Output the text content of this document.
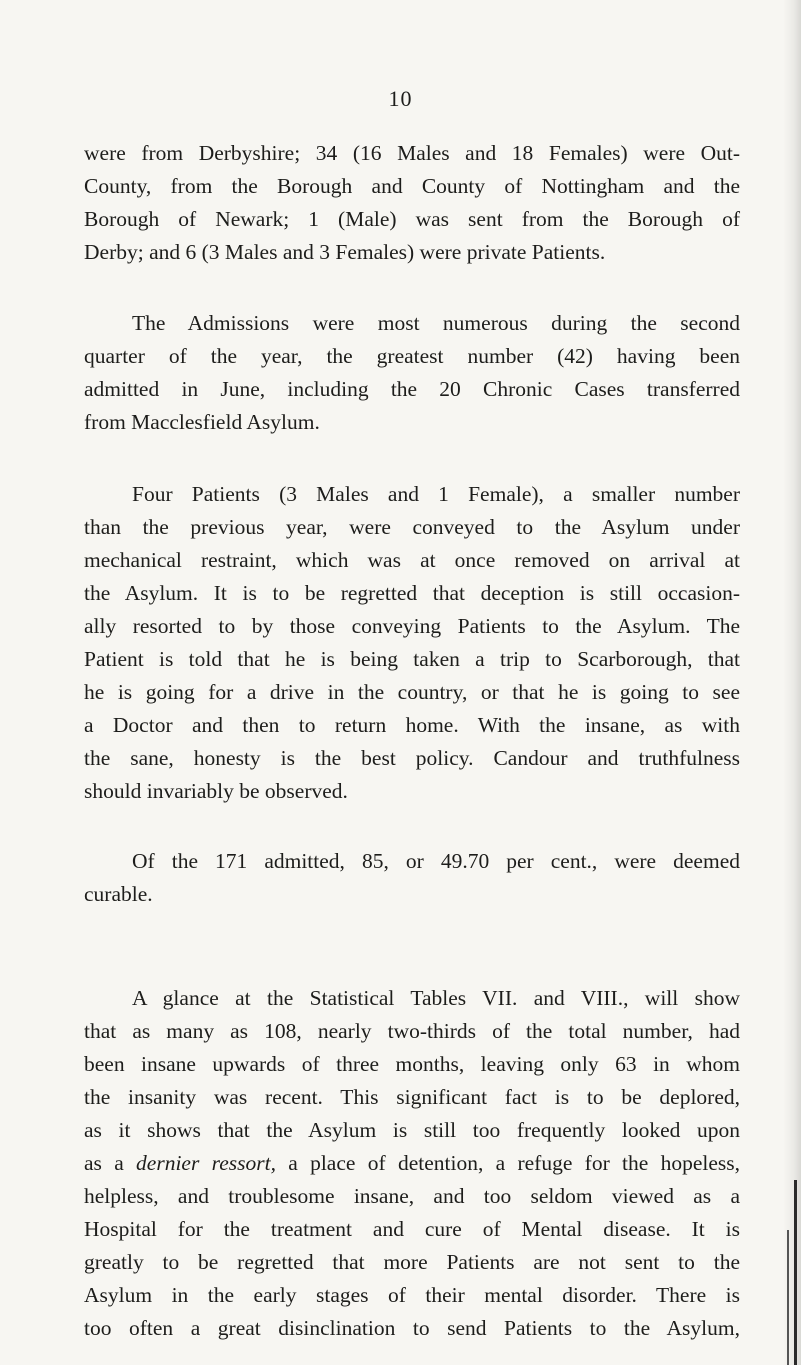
10
were from Derbyshire; 34 (16 Males and 18 Females) were Out-
County, from the Borough and County of Nottingham and the
Borough of Newark; 1 (Male) was sent from the Borough of
Derby; and 6 (3 Males and 3 Females) were private Patients.
The Admissions were most numerous during the second
quarter of the year, the greatest number (42) having been
admitted in June, including the 20 Chronic Cases transferred
from Macclesfield Asylum.
Four Patients (3 Males and 1 Female), a smaller number
than the previous year, were conveyed to the Asylum under
mechanical restraint, which was at once removed on arrival at
the Asylum. It is to be regretted that deception is still occasion-
ally resorted to by those conveying Patients to the Asylum. The
Patient is told that he is being taken a trip to Scarborough, that
he is going for a drive in the country, or that he is going to see
a Doctor and then to return home. With the insane, as with
the sane, honesty is the best policy. Candour and truthfulness
should invariably be observed.
Of the 171 admitted, 85, or 49.70 per cent., were deemed
curable.
A glance at the Statistical Tables VII. and VIII., will show
that as many as 108, nearly two-thirds of the total number, had
been insane upwards of three months, leaving only 63 in whom
the insanity was recent. This significant fact is to be deplored,
as it shows that the Asylum is still too frequently looked upon
as a dernier ressort, a place of detention, a refuge for the hopeless,
helpless, and troublesome insane, and too seldom viewed as a
Hospital for the treatment and cure of Mental disease. It is
greatly to be regretted that more Patients are not sent to the
Asylum in the early stages of their mental disorder. There is
too often a great disinclination to send Patients to the Asylum,
